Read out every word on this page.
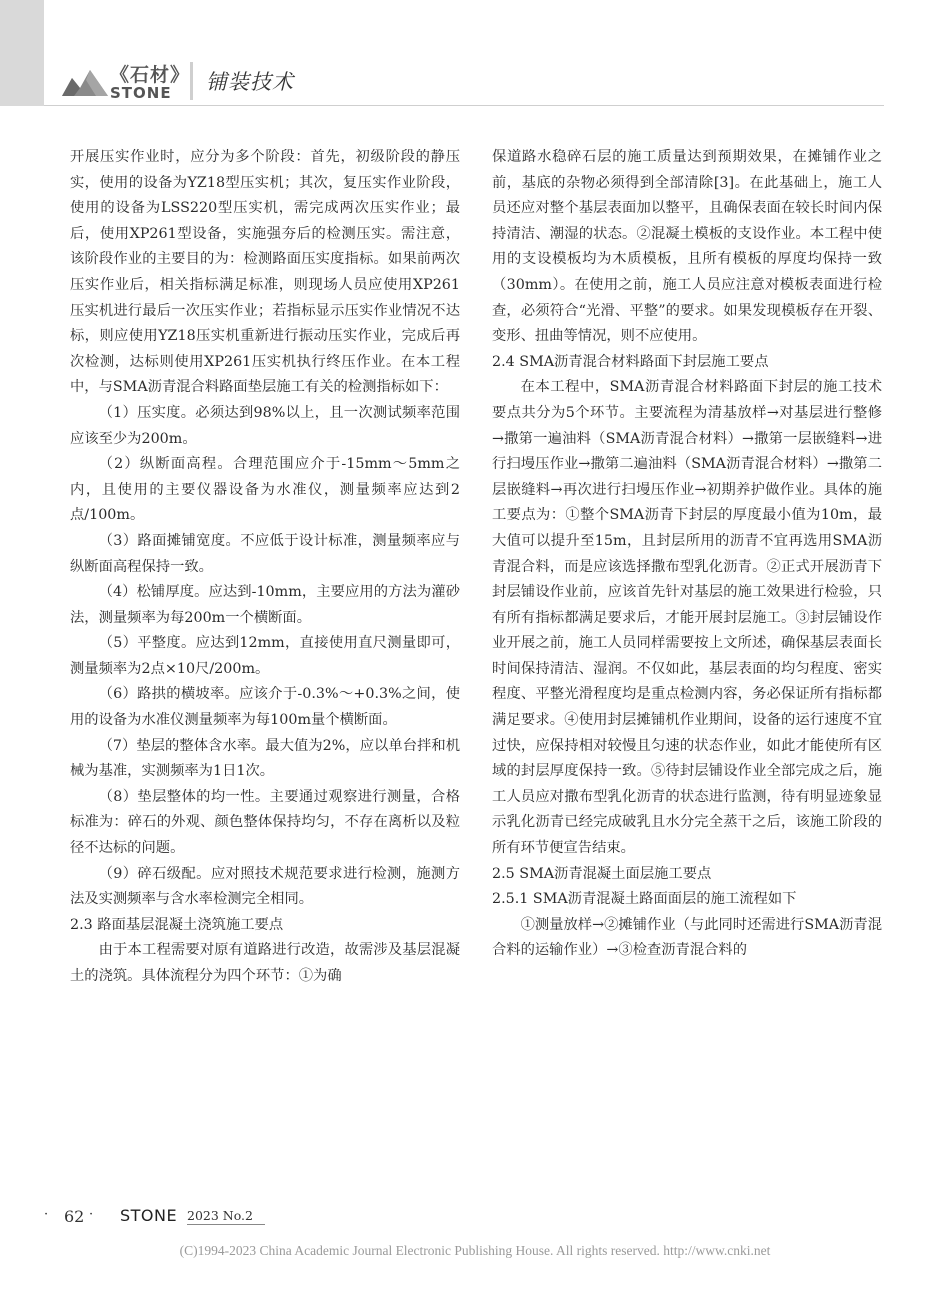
《石材》
STONE 铺装技术

开展压实作业时，应分为多个阶段：首先，初级阶段的静压实，使用的设备为YZ18型压实机；其次，复压实作业阶段，使用的设备为LSS220型压实机，需完成两次压实作业；最后，使用XP261型设备，实施强夯后的检测压实。需注意，该阶段作业的主要目的为：检测路面压实度指标。如果前两次压实作业后，相关指标满足标准，则现场人员应使用XP261压实机进行最后一次压实作业；若指标显示压实作业情况不达标，则应使用YZ18压实机重新进行振动压实作业，完成后再次检测，达标则使用XP261压实机执行终压作业。在本工程中，与SMA沥青混合料路面垫层施工有关的检测指标如下：

（1）压实度。必须达到98%以上，且一次测试频率范围应该至少为200m。

（2）纵断面高程。合理范围应介于-15mm～5mm之内，且使用的主要仪器设备为水准仪，测量频率应达到2点/100m。

（3）路面摊铺宽度。不应低于设计标准，测量频率应与纵断面高程保持一致。

（4）松铺厚度。应达到-10mm，主要应用的方法为灌砂法，测量频率为每200m一个横断面。

（5）平整度。应达到12mm，直接使用直尺测量即可，测量频率为2点×10尺/200m。

（6）路拱的横坡率。应该介于-0.3%～+0.3%之间，使用的设备为水准仪测量频率为每100m量个横断面。

（7）垫层的整体含水率。最大值为2%，应以单台拌和机械为基准，实测频率为1日1次。

（8）垫层整体的均一性。主要通过观察进行测量，合格标准为：碎石的外观、颜色整体保持均匀，不存在离析以及粒径不达标的问题。

（9）碎石级配。应对照技术规范要求进行检测，施测方法及实测频率与含水率检测完全相同。

2.3 路面基层混凝土浇筑施工要点

由于本工程需要对原有道路进行改造，故需涉及基层混凝土的浇筑。具体流程分为四个环节：①为确

保道路水稳碎石层的施工质量达到预期效果，在摊铺作业之前，基底的杂物必须得到全部清除[3]。在此基础上，施工人员还应对整个基层表面加以整平，且确保表面在较长时间内保持清洁、潮湿的状态。②混凝土模板的支设作业。本工程中使用的支设模板均为木质模板，且所有模板的厚度均保持一致（30mm）。在使用之前，施工人员应注意对模板表面进行检查，必须符合“光滑、平整”的要求。如果发现模板存在开裂、变形、扭曲等情况，则不应使用。

2.4 SMA沥青混合材料路面下封层施工要点

在本工程中，SMA沥青混合材料路面下封层的施工技术要点共分为5个环节。主要流程为清基放样→对基层进行整修→撒第一遍油料（SMA沥青混合材料）→撒第一层嵌缝料→进行扫墁压作业→撒第二遍油料（SMA沥青混合材料）→撒第二层嵌缝料→再次进行扫墁压作业→初期养护做作业。具体的施工要点为：①整个SMA沥青下封层的厚度最小值为10m，最大值可以提升至15m，且封层所用的沥青不宜再选用SMA沥青混合料，而是应该选择撒布型乳化沥青。②正式开展沥青下封层铺设作业前，应该首先针对基层的施工效果进行检验，只有所有指标都满足要求后，才能开展封层施工。③封层铺设作业开展之前，施工人员同样需要按上文所述，确保基层表面长时间保持清洁、湿润。不仅如此，基层表面的均匀程度、密实程度、平整光滑程度均是重点检测内容，务必保证所有指标都满足要求。④使用封层摊铺机作业期间，设备的运行速度不宜过快，应保持相对较慢且匀速的状态作业，如此才能使所有区域的封层厚度保持一致。⑤待封层铺设作业全部完成之后，施工人员应对撒布型乳化沥青的状态进行监测，待有明显迹象显示乳化沥青已经完成破乳且水分完全蒸干之后，该施工阶段的所有环节便宣告结束。

2.5 SMA沥青混凝土面层施工要点

2.5.1 SMA沥青混凝土路面面层的施工流程如下

①测量放样→②摊铺作业（与此同时还需进行SMA沥青混合料的运输作业）→③检查沥青混合料的

· 62 · STONE 2023 No.2
(C)1994-2023 China Academic Journal Electronic Publishing House. All rights reserved. http://www.cnki.net
